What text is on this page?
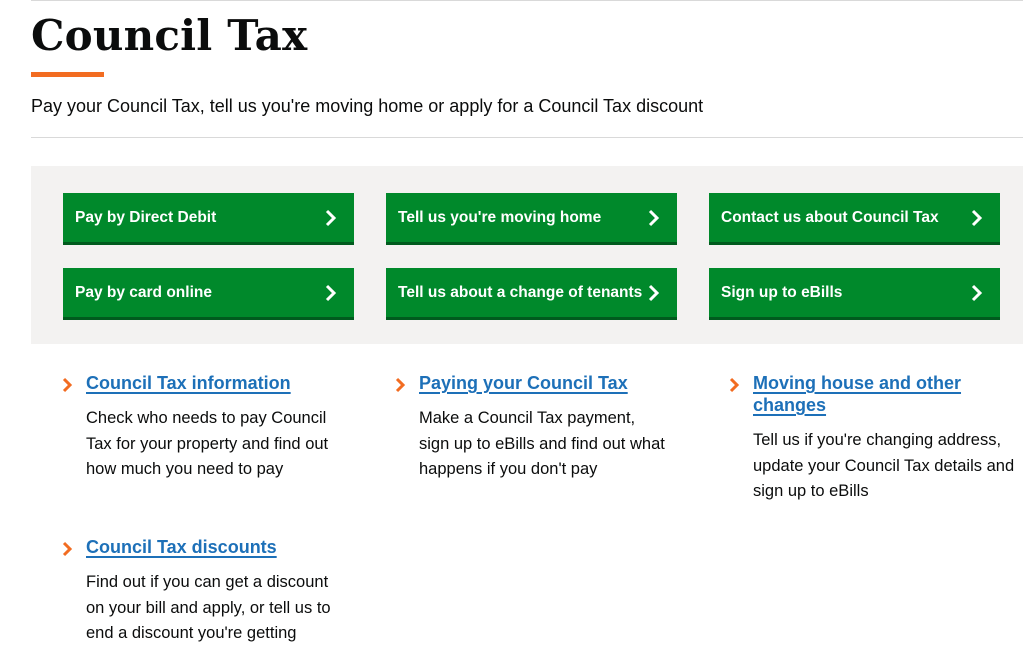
Council Tax

Pay your Council Tax, tell us you're moving home or apply for a Council Tax discount

Pay by Direct Debit	Tell us you're moving home	Contact us about Council Tax
Pay by card online	Tell us about a change of tenants	Sign up to eBills
Council Tax information

Check who needs to pay Council Tax for your property and find out how much you need to pay

Paying your Council Tax

Make a Council Tax payment, sign up to eBills and find out what happens if you don't pay

Moving house and other changes

Tell us if you're changing address, update your Council Tax details and sign up to eBills

Council Tax discounts

Find out if you can get a discount on your bill and apply, or tell us to end a discount you're getting
